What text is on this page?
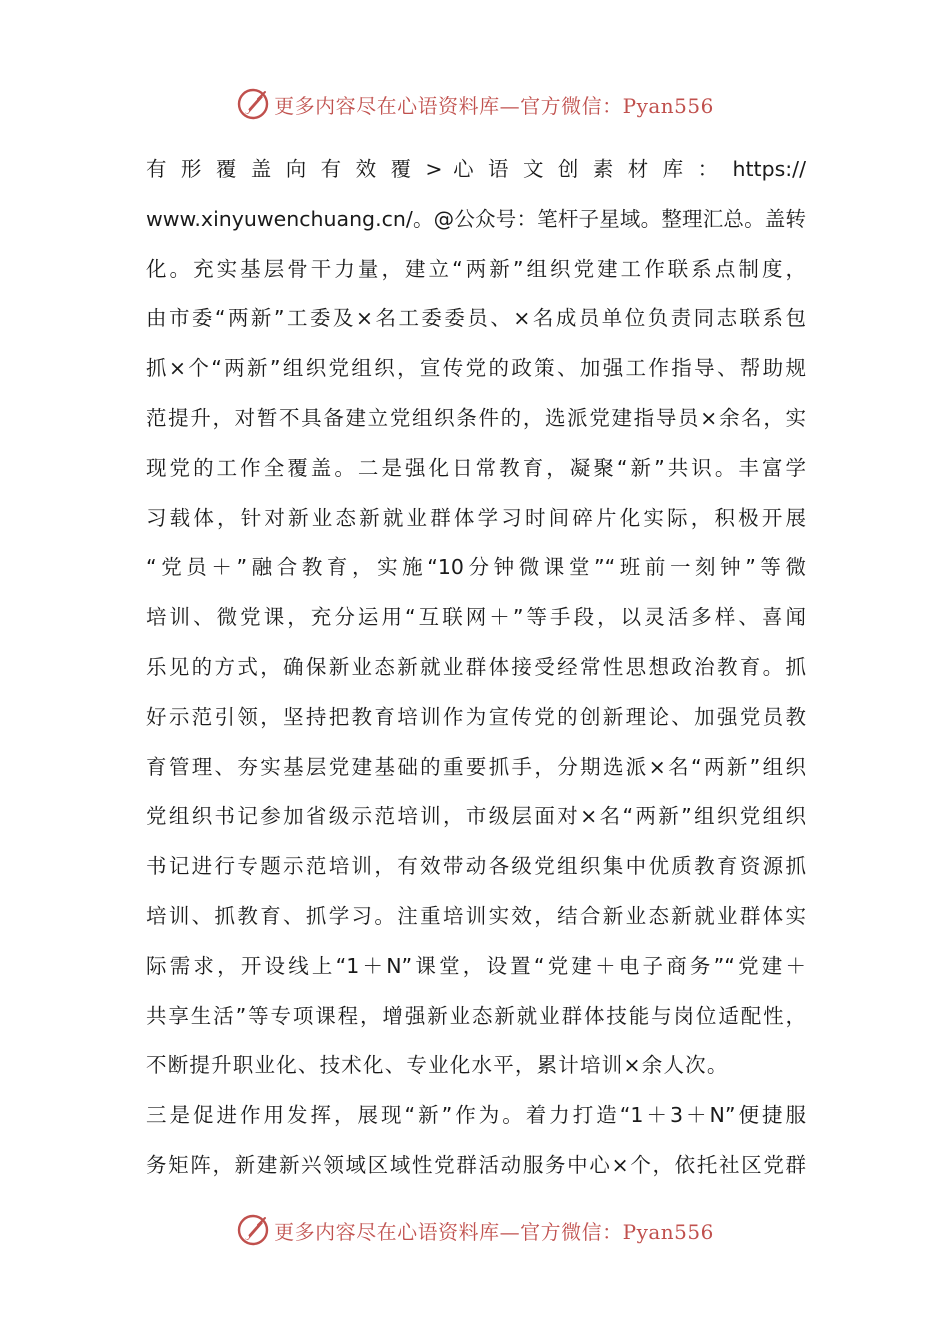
更多内容尽在心语资料库—官方微信：Pyan556
有 形 覆 盖 向 有 效 覆 > 心 语 文 创 素 材 库 ： https://
www.xinyuwenchuang.cn/。@公众号：笔杆子星域。整理汇总。盖转
化。充实基层骨干力量，建立“两新”组织党建工作联系点制度，
由市委“两新”工委及×名工委委员、×名成员单位负责同志联系包
抓×个“两新”组织党组织，宣传党的政策、加强工作指导、帮助规
范提升，对暂不具备建立党组织条件的，选派党建指导员×余名，实
现党的工作全覆盖。二是强化日常教育，凝聚“新”共识。丰富学
习载体，针对新业态新就业群体学习时间碎片化实际，积极开展
“党员＋”融合教育，实施“10分钟微课堂”“班前一刻钟”等微
培训、微党课，充分运用“互联网＋”等手段，以灵活多样、喜闻
乐见的方式，确保新业态新就业群体接受经常性思想政治教育。抓
好示范引领，坚持把教育培训作为宣传党的创新理论、加强党员教
育管理、夯实基层党建基础的重要抓手，分期选派×名“两新”组织
党组织书记参加省级示范培训，市级层面对×名“两新”组织党组织
书记进行专题示范培训，有效带动各级党组织集中优质教育资源抓
培训、抓教育、抓学习。注重培训实效，结合新业态新就业群体实
际需求，开设线上“1＋N”课堂，设置“党建＋电子商务”“党建＋
共享生活”等专项课程，增强新业态新就业群体技能与岗位适配性，
不断提升职业化、技术化、专业化水平，累计培训×余人次。
三是促进作用发挥，展现“新”作为。着力打造“1＋3＋N”便捷服
务矩阵，新建新兴领域区域性党群活动服务中心×个，依托社区党群
更多内容尽在心语资料库—官方微信：Pyan556
